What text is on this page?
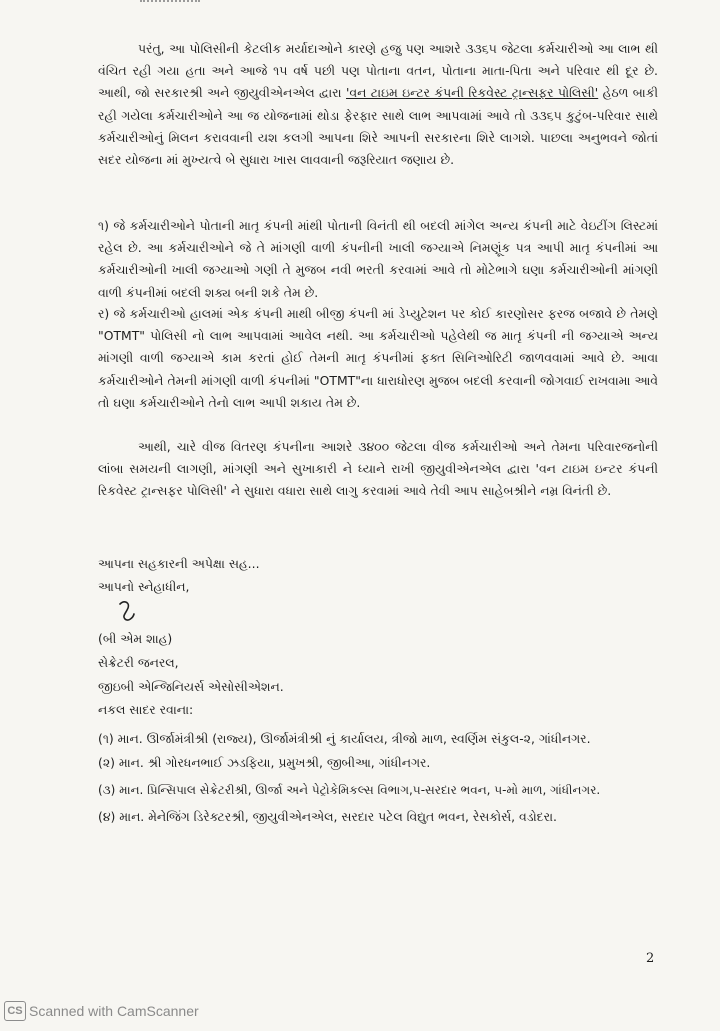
પરંતુ, આ પોલિસીની કેટલીક મર્યાદાઓને કારણે હજુ પણ આશરે ૩૩૬૫ જેટલા કર્મચારીઓ આ લાભ થી વંચિત રહી ગયા હતા અને આજે ૧૫ વર્ષ પછી પણ પોતાના વતન, પોતાના માતા-પિતા અને પરિવાર થી દૂર છે. આથી, જો સરકારશ્રી અને જીયુવીએનએલ દ્વારા 'વન ટાઇમ ઇન્ટર કંપની રિકવેસ્ટ ટ્રાન્સફર પોલિસી' હેઠળ બાકી રહી ગયેલા કર્મચારીઓને આ જ યોજનામાં થોડા ફેરફાર સાથે લાભ આપવામાં આવે તો ૩૩૬૫ કુટુંબ-પરિવાર સાથે કર્મચારીઓનું મિલન કરાવવાની યશ કલગી આપના શિરે આપની સરકારના શિરે લાગશે. પાછલા અનુભવને જોતાં સદર યોજના માં મુખ્યત્વે બે સુધારા ખાસ લાવવાની જરૂરિયાત જણાય છે.

૧) જે કર્મચારીઓને પોતાની માતૃ કંપની માંથી પોતાની વિનંતી થી બદલી માંગેલ અન્ય કંપની માટે વેઇટીંગ લિસ્ટમાં રહેલ છે. આ કર્મચારીઓને જે તે માંગણી વાળી કંપનીની ખાલી જગ્યાએ નિમણૂંક પત્ર આપી માતૃ કંપનીમાં આ કર્મચારીઓની ખાલી જગ્યાઓ ગણી તે મુજબ નવી ભરતી કરવામાં આવે તો મોટેભાગે ઘણા કર્મચારીઓની માંગણી વાળી કંપનીમાં બદલી શક્ય બની શકે તેમ છે.

ર) જે કર્મચારીઓ હાલમાં એક કંપની માથી બીજી કંપની માં ડેપ્યુટેશન પર કોઈ કારણોસર ફરજ બજાવે છે તેમણે "OTMT" પોલિસી નો લાભ આપવામાં આવેલ નથી. આ કર્મચારીઓ પહેલેથી જ માતૃ કંપની ની જગ્યાએ અન્ય માંગણી વાળી જગ્યાએ કામ કરતાં હોઈ તેમની માતૃ કંપનીમાં ફક્ત સિનિઓરિટી જાળવવામાં આવે છે. આવા કર્મચારીઓને તેમની માંગણી વાળી કંપનીમાં "OTMT"ના ધારાધોરણ મુજબ બદલી કરવાની જોગવાઈ રાખવામા આવે તો ઘણા કર્મચારીઓને તેનો લાભ આપી શકાય તેમ છે.

આથી, ચારે વીજ વિતરણ કંપનીના આશરે ૩૪૦૦ જેટલા વીજ કર્મચારીઓ અને તેમના પરિવારજનોની લાંબા સમયની લાગણી, માંગણી અને સુખાકારી ને ધ્યાને રાખી જીયુવીએનએલ દ્વારા 'વન ટાઇમ ઇન્ટર કંપની રિકવેસ્ટ ટ્રાન્સફર પોલિસી' ને સુધારા વધારા સાથે લાગુ કરવામાં આવે તેવી આપ સાહેબશ્રીને નમ્ર વિનંતી છે.

આપના સહકારની અપેક્ષા સહ...
આપનો સ્નેહાધીન,
(બી એમ શાહ)
સેક્રેટરી જનરલ,
જીઇબી એન્જિનિયર્સ એસોસીએશન.
નકલ સાદર રવાના:
(૧) માન. ઊર્જામંત્રીશ્રી (રાજ્ય), ઊર્જામંત્રીશ્રી નું કાર્યાલય, ત્રીજો માળ, સ્વર્ણિમ સંકુલ-૨, ગાંધીનગર.
(૨) માન. શ્રી ગોરધનભાઈ ઝડફિયા, પ્રમુખશ્રી, જીબીઆ, ગાંધીનગર.
(૩) માન. પ્રિન્સિપાલ સેક્રેટરીશ્રી, ઊર્જા અને પેટ્રોકેમિકલ્સ વિભાગ,૫-સરદાર ભવન, ૫-મો માળ, ગાંધીનગર.
(૪) માન. મેનેજિંગ ડિરેક્ટરશ્રી, જીયુવીએનએલ, સરદાર પટેલ વિદ્યુત ભવન, રેસકોર્સ, વડોદરા.
2
CS Scanned with CamScanner
